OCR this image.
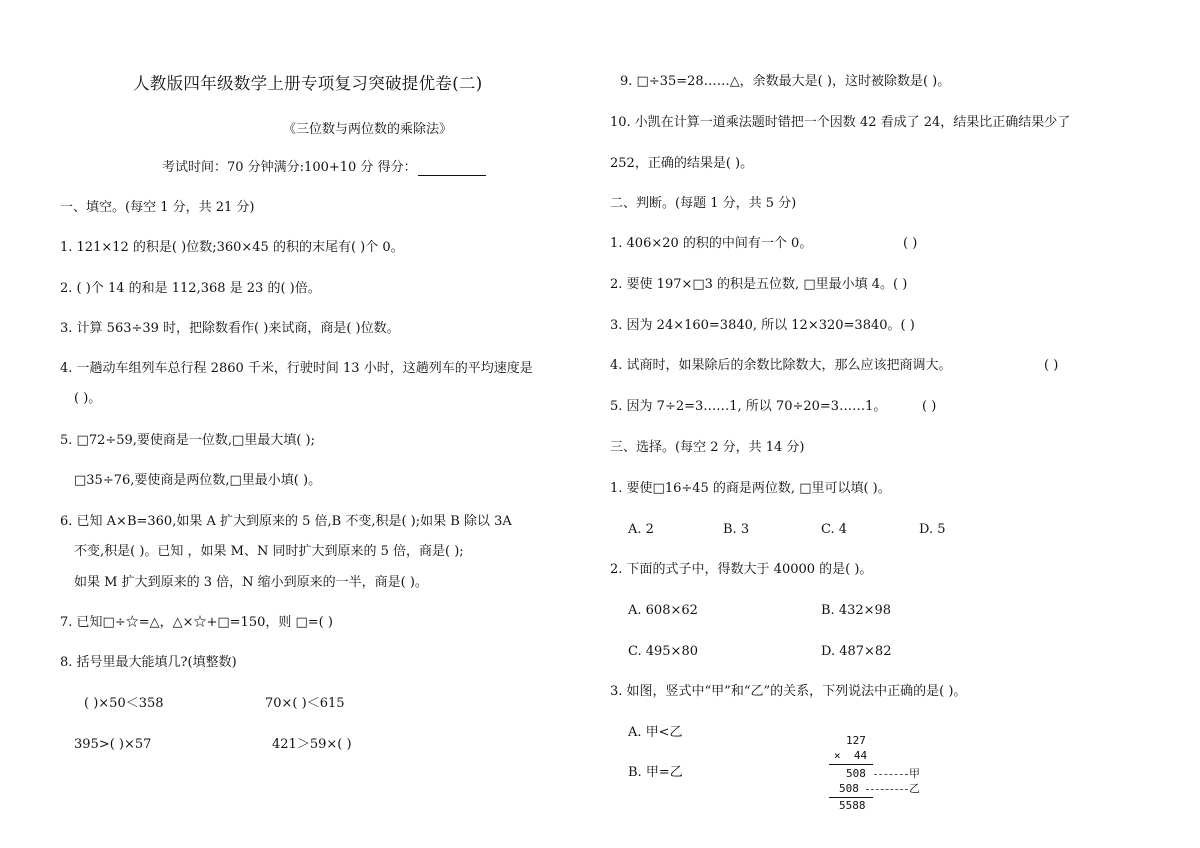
人教版四年级数学上册专项复习突破提优卷(二)
《三位数与两位数的乘除法》
考试时间：70 分钟满分:100+10 分 得分：
一、填空。(每空 1 分，共 21 分)
1. 121×12 的积是( )位数;360×45 的积的末尾有( )个 0。
2. ( )个 14 的和是 112,368 是 23 的( )倍。
3. 计算 563÷39 时，把除数看作( )来试商，商是( )位数。
4. 一趟动车组列车总行程 2860 千米，行驶时间 13 小时，这趟列车的平均速度是
( )。
5. □72÷59,要使商是一位数,□里最大填( );
□35÷76,要使商是两位数,□里最小填( )。
6. 已知 A×B=360,如果 A 扩大到原来的 5 倍,B 不变,积是( );如果 B 除以 3A
不变,积是( )。已知 ，如果 M、N 同时扩大到原来的 5 倍，商是( );
如果 M 扩大到原来的 3 倍，N 缩小到原来的一半，商是( )。
7. 已知□÷☆=△，△×☆+□=150，则 □=( )
8. 括号里最大能填几?(填整数)
( )×50＜358	70×( )＜615
395>( )×57	421＞59×( )
9. □÷35=28……△，余数最大是( )，这时被除数是( )。
10. 小凯在计算一道乘法题时错把一个因数 42 看成了 24，结果比正确结果少了
252，正确的结果是( )。
二、判断。(每题 1 分，共 5 分)
1. 406×20 的积的中间有一个 0。	( )
2. 要使 197×□3 的积是五位数, □里最小填 4。( )
3. 因为 24×160=3840, 所以 12×320=3840。( )
4. 试商时，如果除后的余数比除数大，那么应该把商调大。	( )
5. 因为 7÷2=3……1, 所以 70÷20=3……1。	( )
三、选择。(每空 2 分，共 14 分)
1. 要使□16÷45 的商是两位数, □里可以填( )。
A. 2	B. 3	C. 4	D. 5
2. 下面的式子中，得数大于 40000 的是( )。
A. 608×62	B. 432×98
C. 495×80	D. 487×82
3. 如图，竖式中“甲”和“乙”的关系，下列说法中正确的是( )。
A. 甲<乙
B. 甲=乙
127
×  44
508	甲
508	乙
5588
